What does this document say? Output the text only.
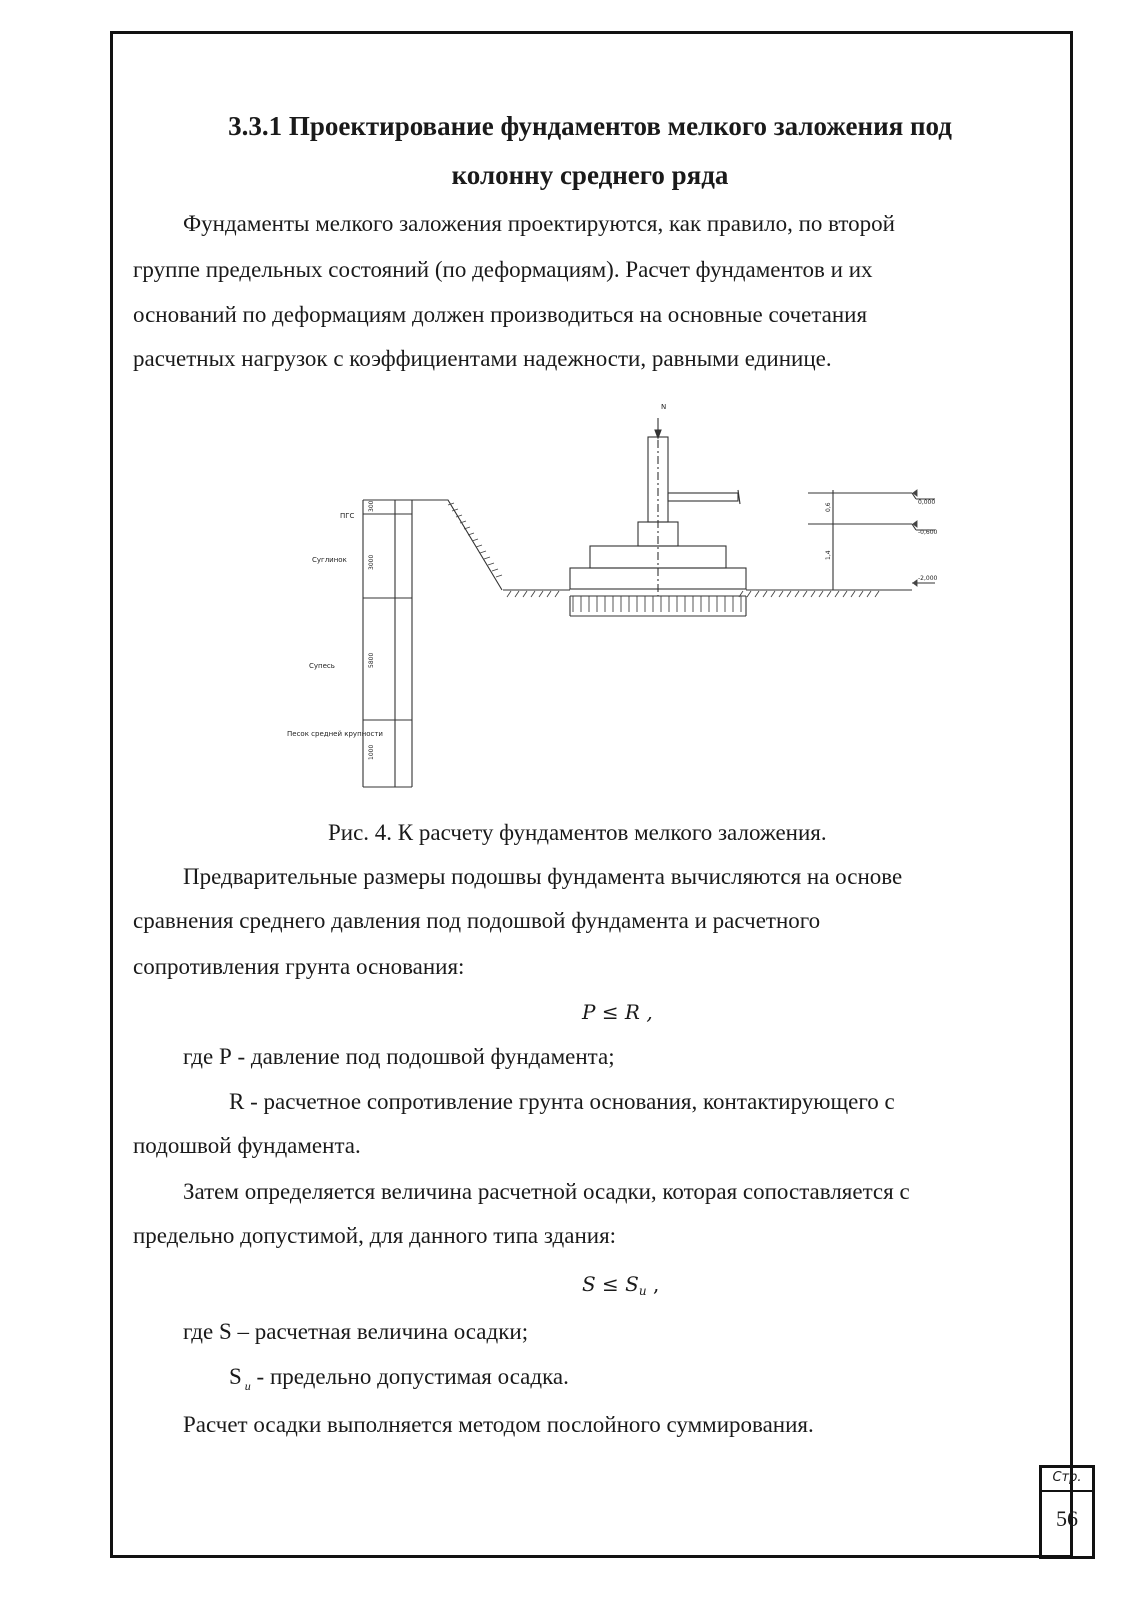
3.3.1 Проектирование фундаментов мелкого заложения под
колонну среднего ряда
Фундаменты мелкого заложения проектируются, как правило, по второй
группе предельных состояний (по деформациям). Расчет фундаментов и их
оснований по деформациям должен производиться на основные сочетания
расчетных нагрузок с коэффициентами надежности, равными единице.
N
ПГС
Суглинок
Супесь
Песок средней крупности
300
3000
5800
1000
0,000
-0,600
-2,000
0,6
1,4
Рис. 4. К расчету фундаментов мелкого заложения.
Предварительные размеры подошвы фундамента вычисляются на основе
сравнения среднего давления под подошвой фундамента и расчетного
сопротивления грунта основания:
P ≤ R ,
где Р - давление под подошвой фундамента;
R - расчетное сопротивление грунта основания, контактирующего с
подошвой фундамента.
Затем определяется величина расчетной осадки, которая сопоставляется с
предельно допустимой, для данного типа здания:
$S \le S_u$ ,
где S – расчетная величина осадки;
S $_u$ - предельно допустимая осадка.
Расчет осадки выполняется методом послойного суммирования.
Стр.
56
